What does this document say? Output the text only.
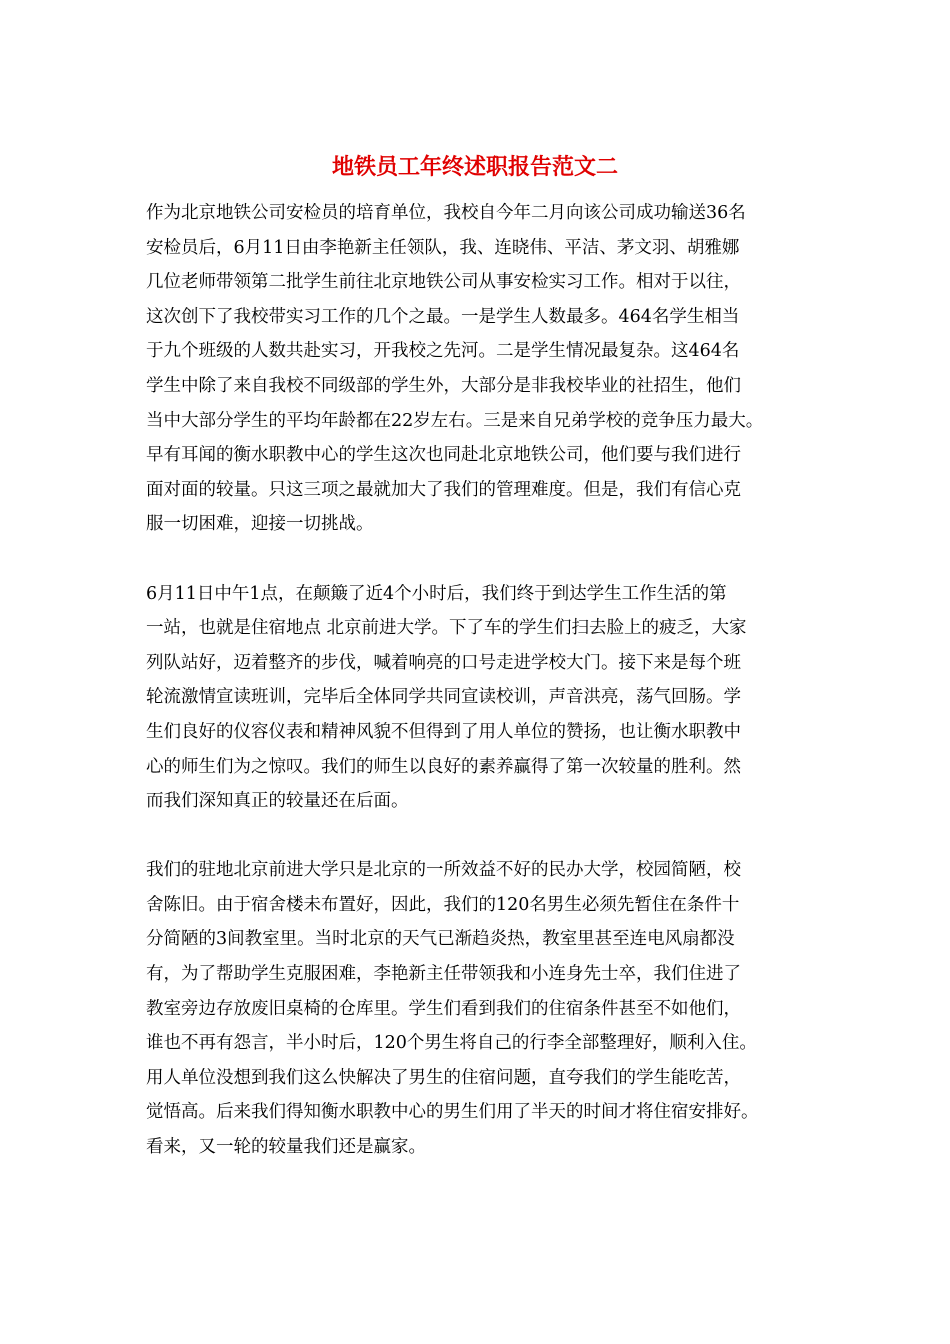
地铁员工年终述职报告范文二
作为北京地铁公司安检员的培育单位，我校自今年二月向该公司成功输送36名
安检员后，6月11日由李艳新主任领队，我、连晓伟、平洁、茅文羽、胡雅娜
几位老师带领第二批学生前往北京地铁公司从事安检实习工作。相对于以往，
这次创下了我校带实习工作的几个之最。一是学生人数最多。464名学生相当
于九个班级的人数共赴实习，开我校之先河。二是学生情况最复杂。这464名
学生中除了来自我校不同级部的学生外，大部分是非我校毕业的社招生，他们
当中大部分学生的平均年龄都在22岁左右。三是来自兄弟学校的竞争压力最大。
早有耳闻的衡水职教中心的学生这次也同赴北京地铁公司，他们要与我们进行
面对面的较量。只这三项之最就加大了我们的管理难度。但是，我们有信心克
服一切困难，迎接一切挑战。
6月11日中午1点，在颠簸了近4个小时后，我们终于到达学生工作生活的第
一站，也就是住宿地点 北京前进大学。下了车的学生们扫去脸上的疲乏，大家
列队站好，迈着整齐的步伐，喊着响亮的口号走进学校大门。接下来是每个班
轮流激情宣读班训，完毕后全体同学共同宣读校训，声音洪亮，荡气回肠。学
生们良好的仪容仪表和精神风貌不但得到了用人单位的赞扬，也让衡水职教中
心的师生们为之惊叹。我们的师生以良好的素养赢得了第一次较量的胜利。然
而我们深知真正的较量还在后面。
我们的驻地北京前进大学只是北京的一所效益不好的民办大学，校园简陋，校
舍陈旧。由于宿舍楼未布置好，因此，我们的120名男生必须先暂住在条件十
分简陋的3间教室里。当时北京的天气已渐趋炎热，教室里甚至连电风扇都没
有，为了帮助学生克服困难，李艳新主任带领我和小连身先士卒，我们住进了
教室旁边存放废旧桌椅的仓库里。学生们看到我们的住宿条件甚至不如他们，
谁也不再有怨言，半小时后，120个男生将自己的行李全部整理好，顺利入住。
用人单位没想到我们这么快解决了男生的住宿问题，直夸我们的学生能吃苦，
觉悟高。后来我们得知衡水职教中心的男生们用了半天的时间才将住宿安排好。
看来，又一轮的较量我们还是赢家。
